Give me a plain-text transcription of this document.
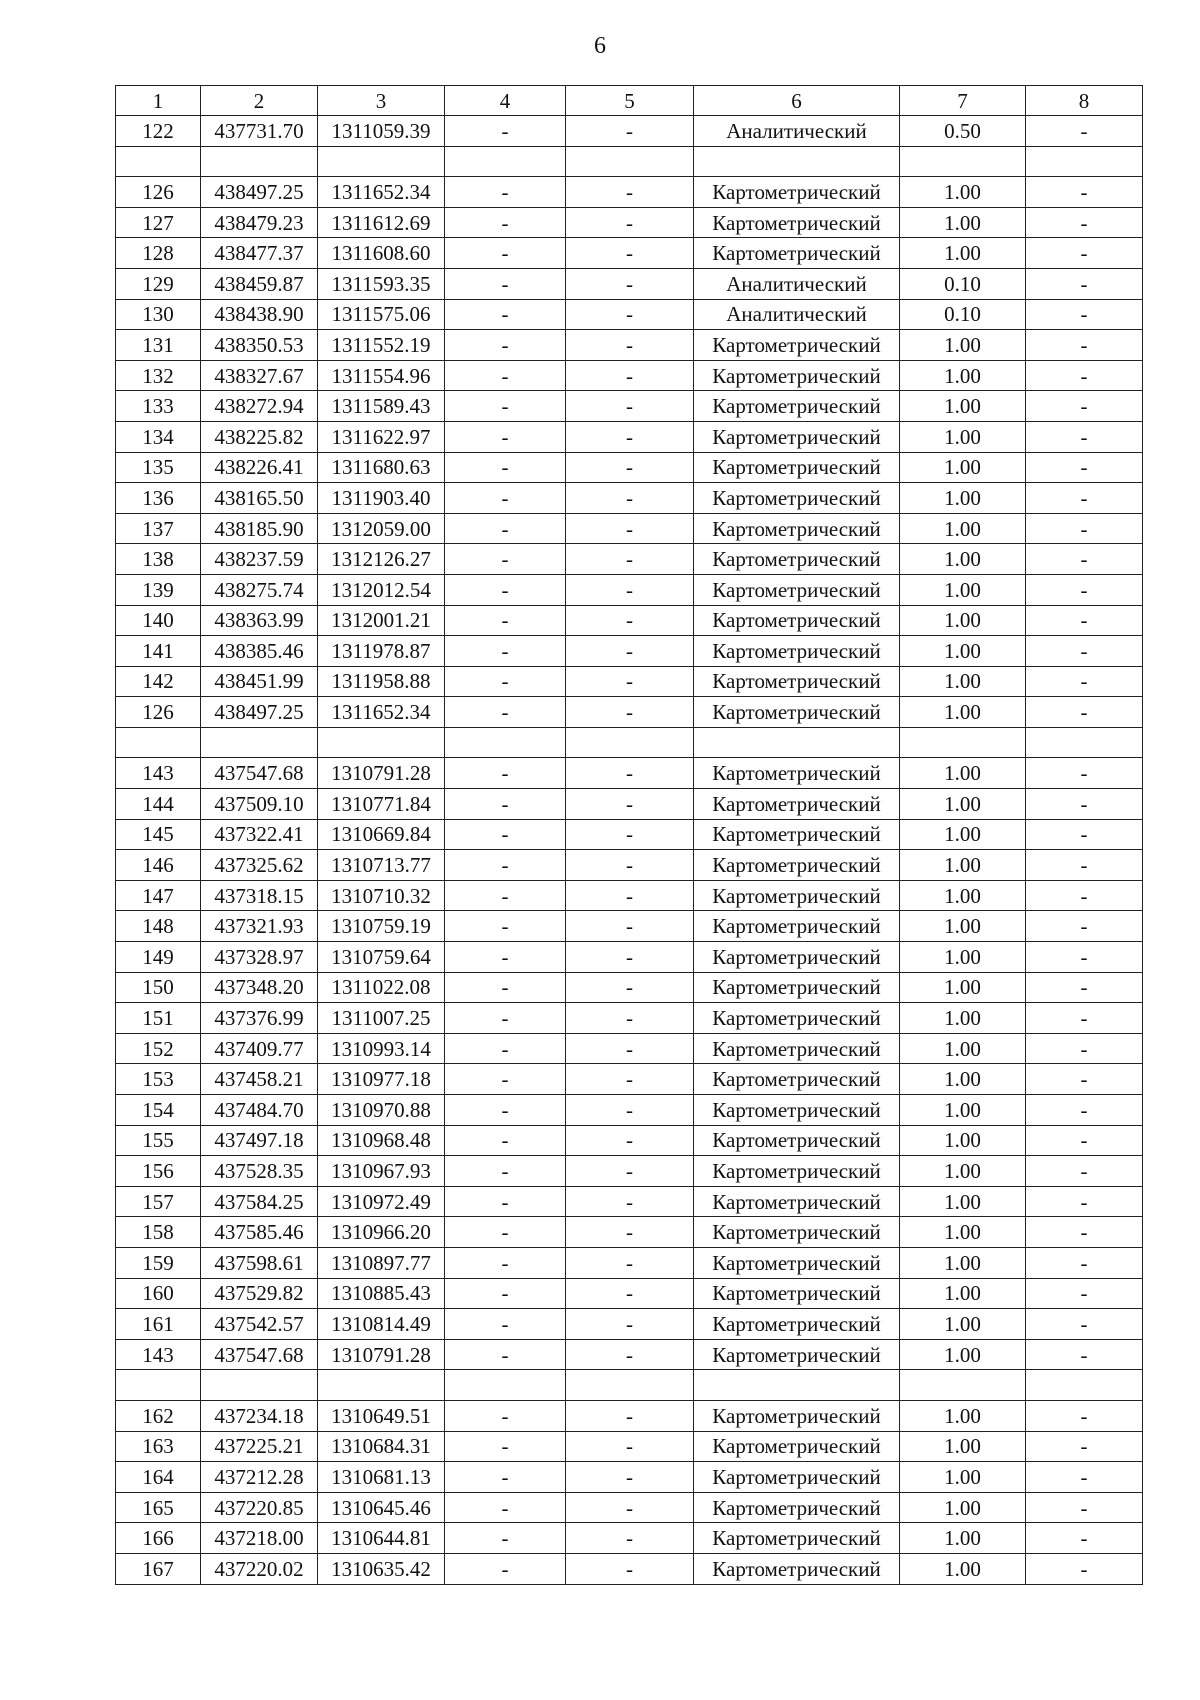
6
1	2	3	4	5	6	7	8
122	437731.70	1311059.39	-	-	Аналитический	0.50	-

126	438497.25	1311652.34	-	-	Картометрический	1.00	-
127	438479.23	1311612.69	-	-	Картометрический	1.00	-
128	438477.37	1311608.60	-	-	Картометрический	1.00	-
129	438459.87	1311593.35	-	-	Аналитический	0.10	-
130	438438.90	1311575.06	-	-	Аналитический	0.10	-
131	438350.53	1311552.19	-	-	Картометрический	1.00	-
132	438327.67	1311554.96	-	-	Картометрический	1.00	-
133	438272.94	1311589.43	-	-	Картометрический	1.00	-
134	438225.82	1311622.97	-	-	Картометрический	1.00	-
135	438226.41	1311680.63	-	-	Картометрический	1.00	-
136	438165.50	1311903.40	-	-	Картометрический	1.00	-
137	438185.90	1312059.00	-	-	Картометрический	1.00	-
138	438237.59	1312126.27	-	-	Картометрический	1.00	-
139	438275.74	1312012.54	-	-	Картометрический	1.00	-
140	438363.99	1312001.21	-	-	Картометрический	1.00	-
141	438385.46	1311978.87	-	-	Картометрический	1.00	-
142	438451.99	1311958.88	-	-	Картометрический	1.00	-
126	438497.25	1311652.34	-	-	Картометрический	1.00	-

143	437547.68	1310791.28	-	-	Картометрический	1.00	-
144	437509.10	1310771.84	-	-	Картометрический	1.00	-
145	437322.41	1310669.84	-	-	Картометрический	1.00	-
146	437325.62	1310713.77	-	-	Картометрический	1.00	-
147	437318.15	1310710.32	-	-	Картометрический	1.00	-
148	437321.93	1310759.19	-	-	Картометрический	1.00	-
149	437328.97	1310759.64	-	-	Картометрический	1.00	-
150	437348.20	1311022.08	-	-	Картометрический	1.00	-
151	437376.99	1311007.25	-	-	Картометрический	1.00	-
152	437409.77	1310993.14	-	-	Картометрический	1.00	-
153	437458.21	1310977.18	-	-	Картометрический	1.00	-
154	437484.70	1310970.88	-	-	Картометрический	1.00	-
155	437497.18	1310968.48	-	-	Картометрический	1.00	-
156	437528.35	1310967.93	-	-	Картометрический	1.00	-
157	437584.25	1310972.49	-	-	Картометрический	1.00	-
158	437585.46	1310966.20	-	-	Картометрический	1.00	-
159	437598.61	1310897.77	-	-	Картометрический	1.00	-
160	437529.82	1310885.43	-	-	Картометрический	1.00	-
161	437542.57	1310814.49	-	-	Картометрический	1.00	-
143	437547.68	1310791.28	-	-	Картометрический	1.00	-

162	437234.18	1310649.51	-	-	Картометрический	1.00	-
163	437225.21	1310684.31	-	-	Картометрический	1.00	-
164	437212.28	1310681.13	-	-	Картометрический	1.00	-
165	437220.85	1310645.46	-	-	Картометрический	1.00	-
166	437218.00	1310644.81	-	-	Картометрический	1.00	-
167	437220.02	1310635.42	-	-	Картометрический	1.00	-
